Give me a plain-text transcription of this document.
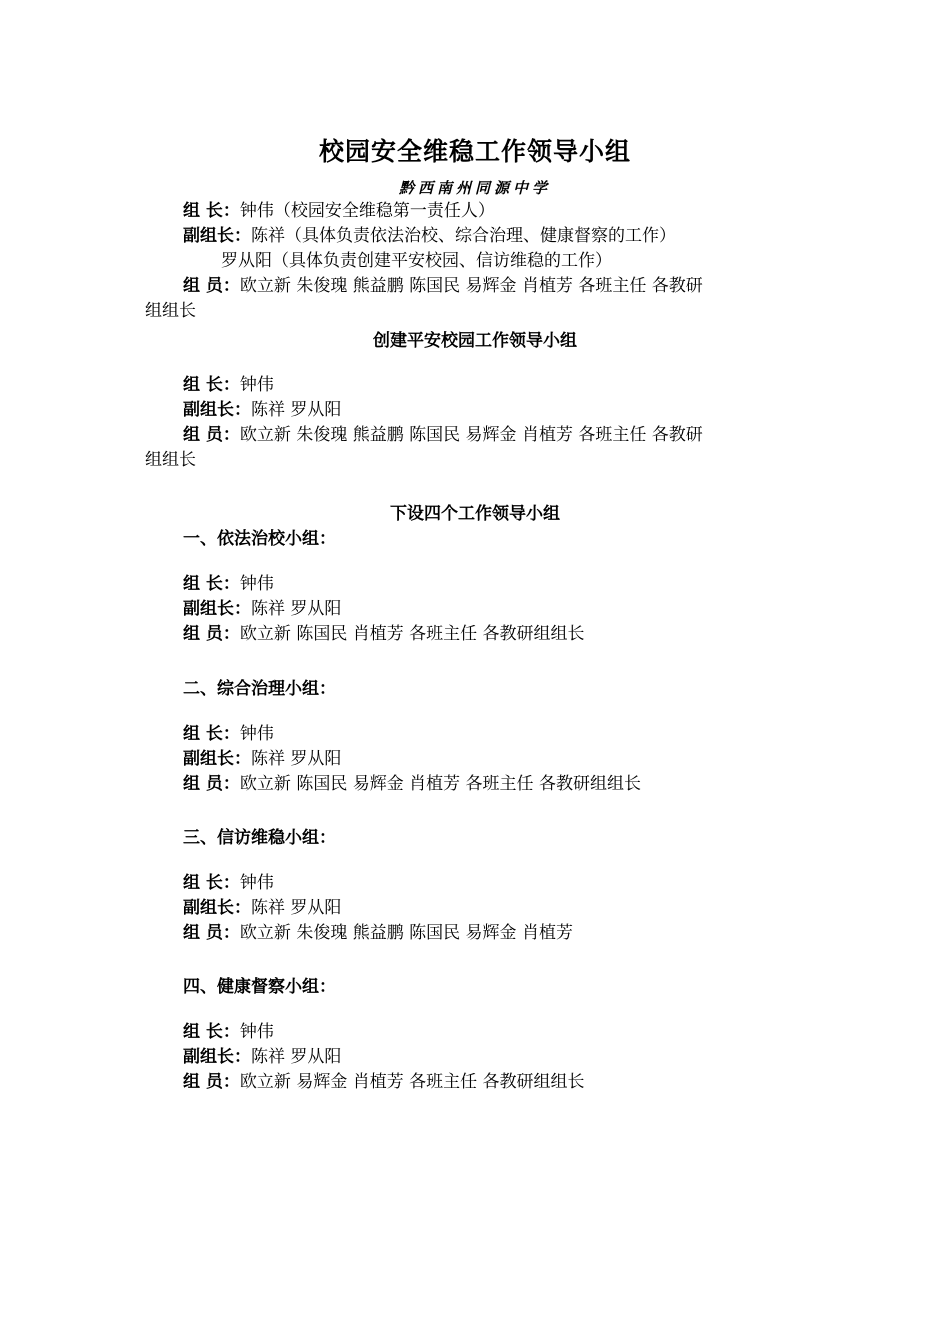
校园安全维稳工作领导小组
黔西南州同源中学
组 长：钟伟（校园安全维稳第一责任人）
副组长：陈祥（具体负责依法治校、综合治理、健康督察的工作）
罗从阳（具体负责创建平安校园、信访维稳的工作）
组 员：欧立新 朱俊瑰 熊益鹏 陈国民 易辉金 肖植芳 各班主任 各教研
组组长
创建平安校园工作领导小组
组 长：钟伟
副组长：陈祥 罗从阳
组 员：欧立新 朱俊瑰 熊益鹏 陈国民 易辉金 肖植芳 各班主任 各教研
组组长
下设四个工作领导小组
一、依法治校小组：
组 长：钟伟
副组长：陈祥 罗从阳
组 员：欧立新 陈国民 肖植芳 各班主任 各教研组组长
二、综合治理小组：
组 长：钟伟
副组长：陈祥 罗从阳
组 员：欧立新 陈国民 易辉金 肖植芳 各班主任 各教研组组长
三、信访维稳小组：
组 长：钟伟
副组长：陈祥 罗从阳
组 员：欧立新 朱俊瑰 熊益鹏 陈国民 易辉金 肖植芳
四、健康督察小组：
组 长：钟伟
副组长：陈祥 罗从阳
组 员：欧立新 易辉金 肖植芳 各班主任 各教研组组长
